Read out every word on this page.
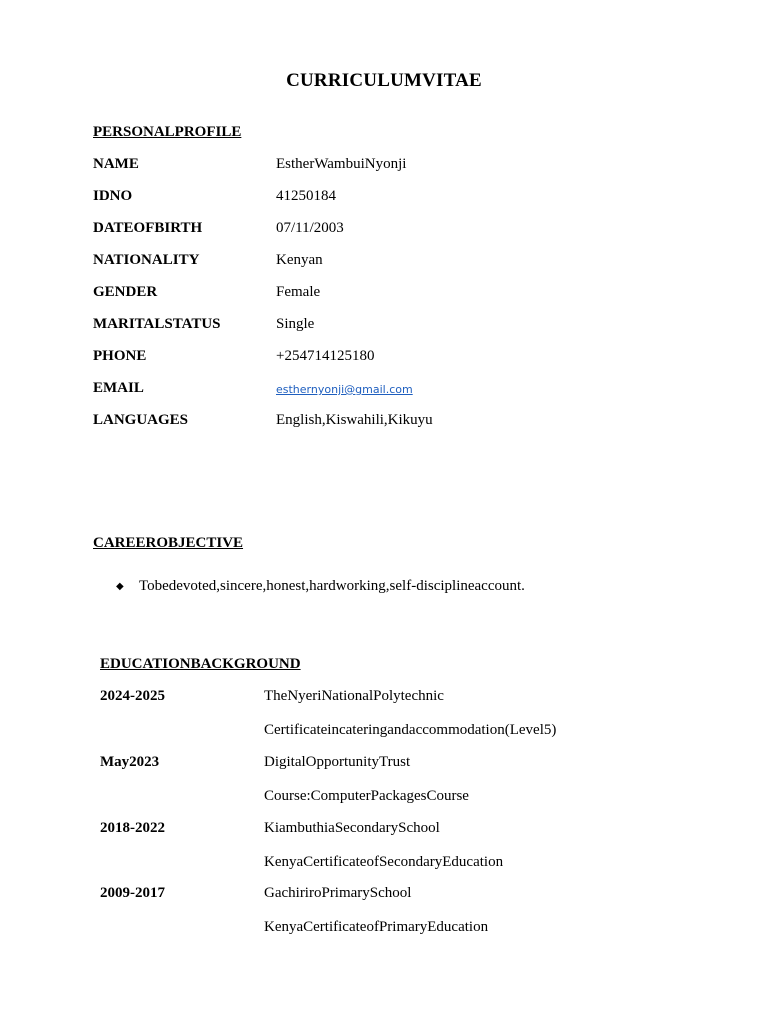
CURRICULUMVITAE
PERSONALPROFILE
NAME	EstherWambuiNyonji
IDNO	41250184
DATEOFBIRTH	07/11/2003
NATIONALITY	Kenyan
GENDER	Female
MARITALSTATUS	Single
PHONE	+254714125180
EMAIL	esthernyonji@gmail.com
LANGUAGES	English,Kiswahili,Kikuyu
CAREEROBJECTIVE
◆ Tobedevoted,sincere,honest,hardworking,self-disciplineaccount.
EDUCATIONBACKGROUND
2024-2025	TheNyeriNationalPolytechnic
Certificateincateringandaccommodation(Level5)
May2023	DigitalOpportunityTrust
Course:ComputerPackagesCourse
2018-2022	KiambuthiaSecondarySchool
KenyaCertificateofSecondaryEducation
2009-2017	GachiriroPrimarySchool
KenyaCertificateofPrimaryEducation
